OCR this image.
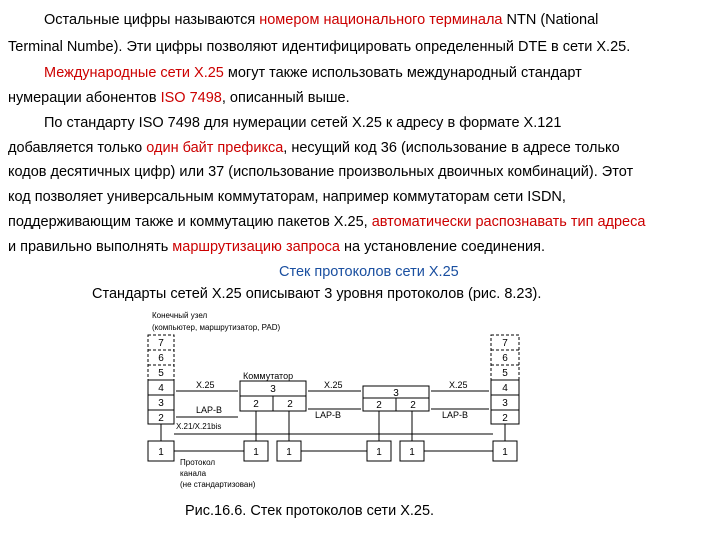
Остальные цифры называются номером национального терминала NTN (National
Terminal Numbe). Эти цифры позволяют идентифицировать определенный DTE в сети X.25.
Международные сети X.25 могут также использовать международный стандарт
нумерации абонентов ISO 7498, описанный выше.
По стандарту ISO 7498 для нумерации сетей X.25 к адресу в формате X.121
добавляется только один байт префикса, несущий код 36 (использование в адресе только
кодов десятичных цифр) или 37 (использование произвольных двоичных комбинаций). Этот
код позволяет универсальным коммутаторам, например коммутаторам сети ISDN,
поддерживающим также и коммутацию пакетов X.25, автоматически распознавать тип адреса
и правильно выполнять маршрутизацию запроса на установление соединения.
Стек протоколов сети X.25
Стандарты сетей X.25 описывают 3 уровня протоколов (рис. 8.23).
Конечный узел
(компьютер, маршрутизатор, PAD)
7
6
5
4
3
2
1
7
6
5
4
3
2
1
Коммутатор
3
2	2
1	1
3
2	2
1	1
X.25	X.25	X.25
LAP-B	LAP-B	LAP-B
X.21/X.21bis
Протокол
канала
(не стандартизован)
Рис.16.6. Стек протоколов сети X.25.
